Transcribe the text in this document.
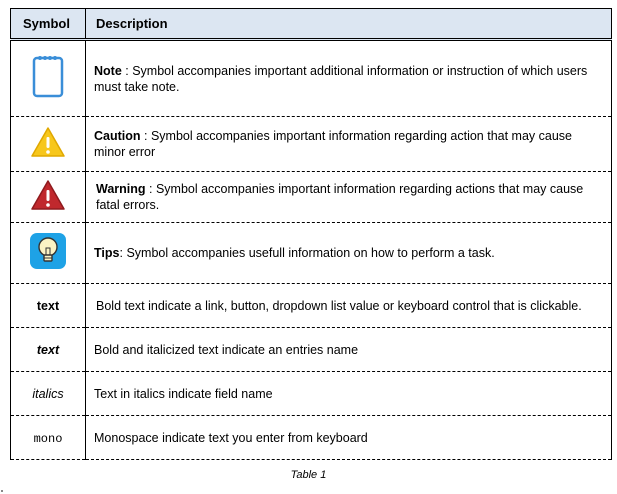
Symbol	Description
	Note : Symbol accompanies important additional information or instruction of which users must take note.
	Caution : Symbol accompanies important information regarding action that may cause minor error
	Warning : Symbol accompanies important information regarding actions that may cause fatal errors.
	Tips: Symbol accompanies usefull information on how to perform a task.
text	Bold text indicate a link, button, dropdown list value or keyboard control that is clickable.
text	Bold and italicized text indicate an entries name
italics	Text in italics indicate field name
mono	Monospace indicate text you enter from keyboard
Table 1
